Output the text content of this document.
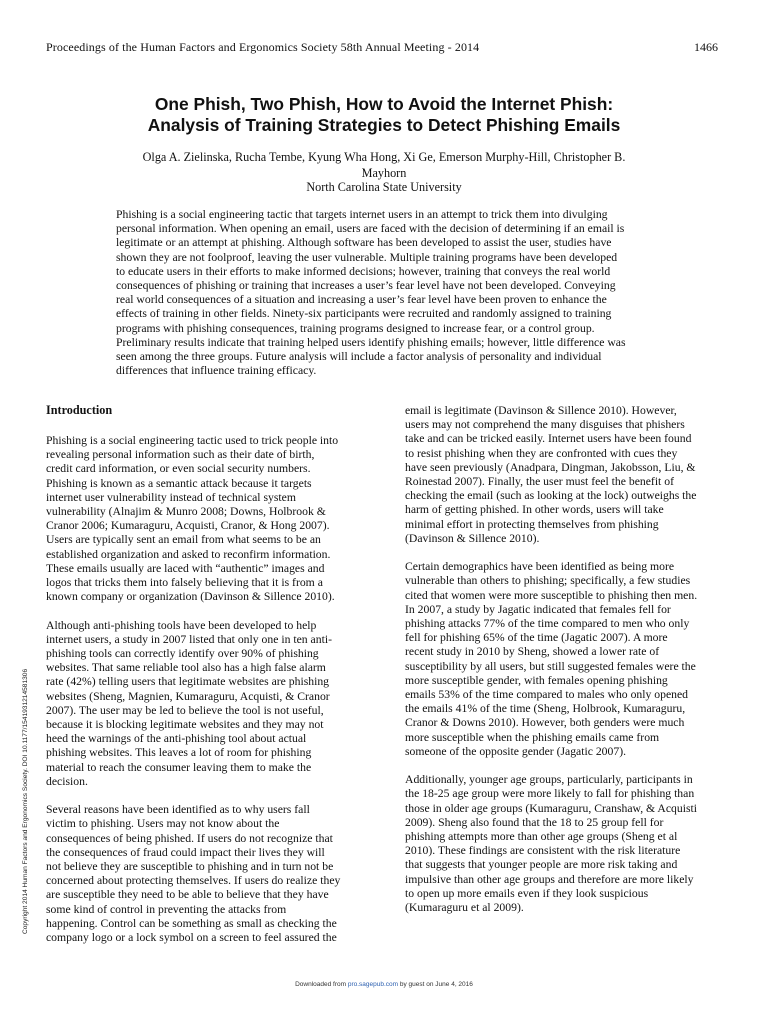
Proceedings of the Human Factors and Ergonomics Society 58th Annual Meeting - 2014	1466
One Phish, Two Phish, How to Avoid the Internet Phish:
Analysis of Training Strategies to Detect Phishing Emails
Olga A. Zielinska, Rucha Tembe, Kyung Wha Hong, Xi Ge, Emerson Murphy-Hill, Christopher B. Mayhorn
North Carolina State University
Phishing is a social engineering tactic that targets internet users in an attempt to trick them into divulging
personal information. When opening an email, users are faced with the decision of determining if an email is
legitimate or an attempt at phishing. Although software has been developed to assist the user, studies have
shown they are not foolproof, leaving the user vulnerable. Multiple training programs have been developed
to educate users in their efforts to make informed decisions; however, training that conveys the real world
consequences of phishing or training that increases a user’s fear level have not been developed. Conveying
real world consequences of a situation and increasing a user’s fear level have been proven to enhance the
effects of training in other fields. Ninety-six participants were recruited and randomly assigned to training
programs with phishing consequences, training programs designed to increase fear, or a control group.
Preliminary results indicate that training helped users identify phishing emails; however, little difference was
seen among the three groups. Future analysis will include a factor analysis of personality and individual
differences that influence training efficacy.
Introduction
Phishing is a social engineering tactic used to trick people into
revealing personal information such as their date of birth,
credit card information, or even social security numbers.
Phishing is known as a semantic attack because it targets
internet user vulnerability instead of technical system
vulnerability (Alnajim & Munro 2008; Downs, Holbrook &
Cranor 2006; Kumaraguru, Acquisti, Cranor, & Hong 2007).
Users are typically sent an email from what seems to be an
established organization and asked to reconfirm information.
These emails usually are laced with “authentic” images and
logos that tricks them into falsely believing that it is from a
known company or organization (Davinson & Sillence 2010).
Although anti-phishing tools have been developed to help
internet users, a study in 2007 listed that only one in ten anti-
phishing tools can correctly identify over 90% of phishing
websites. That same reliable tool also has a high false alarm
rate (42%) telling users that legitimate websites are phishing
websites (Sheng, Magnien, Kumaraguru, Acquisti, & Cranor
2007). The user may be led to believe the tool is not useful,
because it is blocking legitimate websites and they may not
heed the warnings of the anti-phishing tool about actual
phishing websites. This leaves a lot of room for phishing
material to reach the consumer leaving them to make the
decision.
Several reasons have been identified as to why users fall
victim to phishing. Users may not know about the
consequences of being phished. If users do not recognize that
the consequences of fraud could impact their lives they will
not believe they are susceptible to phishing and in turn not be
concerned about protecting themselves. If users do realize they
are susceptible they need to be able to believe that they have
some kind of control in preventing the attacks from
happening. Control can be something as small as checking the
company logo or a lock symbol on a screen to feel assured the
email is legitimate (Davinson & Sillence 2010). However,
users may not comprehend the many disguises that phishers
take and can be tricked easily. Internet users have been found
to resist phishing when they are confronted with cues they
have seen previously (Anadpara, Dingman, Jakobsson, Liu, &
Roinestad 2007). Finally, the user must feel the benefit of
checking the email (such as looking at the lock) outweighs the
harm of getting phished. In other words, users will take
minimal effort in protecting themselves from phishing
(Davinson & Sillence 2010).
Certain demographics have been identified as being more
vulnerable than others to phishing; specifically, a few studies
cited that women were more susceptible to phishing then men.
In 2007, a study by Jagatic indicated that females fell for
phishing attacks 77% of the time compared to men who only
fell for phishing 65% of the time (Jagatic 2007). A more
recent study in 2010 by Sheng, showed a lower rate of
susceptibility by all users, but still suggested females were the
more susceptible gender, with females opening phishing
emails 53% of the time compared to males who only opened
the emails 41% of the time (Sheng, Holbrook, Kumaraguru,
Cranor & Downs 2010). However, both genders were much
more susceptible when the phishing emails came from
someone of the opposite gender (Jagatic 2007).
Additionally, younger age groups, particularly, participants in
the 18-25 age group were more likely to fall for phishing than
those in older age groups (Kumaraguru, Cranshaw, & Acquisti
2009). Sheng also found that the 18 to 25 group fell for
phishing attempts more than other age groups (Sheng et al
2010). These findings are consistent with the risk literature
that suggests that younger people are more risk taking and
impulsive than other age groups and therefore are more likely
to open up more emails even if they look suspicious
(Kumaraguru et al 2009).
Copyright 2014 Human Factors and Ergonomics Society. DOI 10.1177/1541931214581306
Downloaded from pro.sagepub.com by guest on June 4, 2016
